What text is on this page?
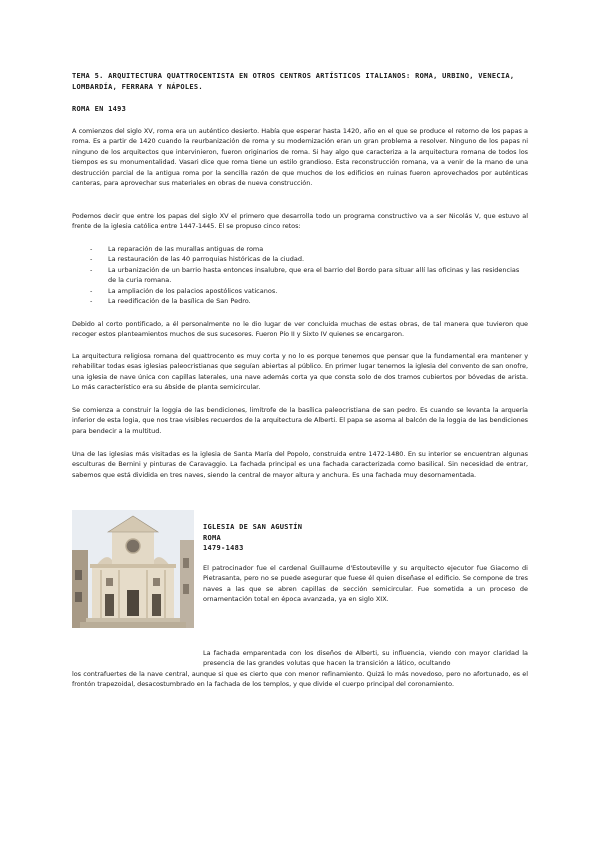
TEMA 5. ARQUITECTURA QUATTROCENTISTA EN OTROS CENTROS ARTÍSTICOS ITALIANOS: ROMA, URBINO, VENECIA, LOMBARDÍA, FERRARA Y NÁPOLES.
ROMA EN 1493
A comienzos del siglo XV, roma era un auténtico desierto. Había que esperar hasta 1420, año en el que se produce el retorno de los papas a roma. Es a partir de 1420 cuando la reurbanización de roma y su modernización eran un gran problema a resolver. Ninguno de los papas ni ninguno de los arquitectos que intervinieron, fueron originarios de roma. Si hay algo que caracteriza a la arquitectura romana de todos los tiempos es su monumentalidad. Vasari dice que roma tiene un estilo grandioso. Esta reconstrucción romana, va a venir de la mano de una destrucción parcial de la antigua roma por la sencilla razón de que muchos de los edificios en ruinas fueron aprovechados por auténticas canteras, para aprovechar sus materiales en obras de nueva construcción.
Podemos decir que entre los papas del siglo XV el primero que desarrolla todo un programa constructivo va a ser Nicolás V, que estuvo al frente de la iglesia católica entre 1447-1445. El se propuso cinco retos:
- La reparación de las murallas antiguas de roma
- La restauración de las 40 parroquias históricas de la ciudad.
- La urbanización de un barrio hasta entonces insalubre, que era el barrio del Bordo para situar allí las oficinas y las residencias de la curia romana.
- La ampliación de los palacios apostólicos vaticanos.
- La reedificación de la basílica de San Pedro.
Debido al corto pontificado, a él personalmente no le dio lugar de ver concluida muchas de estas obras, de tal manera que tuvieron que recoger estos planteamientos muchos de sus sucesores. Fueron Pío II y Sixto IV quienes se encargaron.
La arquitectura religiosa romana del quattrocento es muy corta y no lo es porque tenemos que pensar que la fundamental era mantener y rehabilitar todas esas iglesias paleocristianas que seguían abiertas al público. En primer lugar tenemos la iglesia del convento de san onofre, una iglesia de nave única con capillas laterales, una nave además corta ya que consta solo de dos tramos cubiertos por bóvedas de arista. Lo más característico era su ábside de planta semicircular.
Se comienza a construir la loggia de las bendiciones, limítrofe de la basílica paleocristiana de san pedro. Es cuando se levanta la arquería inferior de esta logia, que nos trae visibles recuerdos de la arquitectura de Alberti. El papa se asoma al balcón de la loggia de las bendiciones para bendecir a la multitud.
Una de las iglesias más visitadas es la iglesia de Santa María del Popolo, construida entre 1472-1480. En su interior se encuentran algunas esculturas de Bernini y pinturas de Caravaggio. La fachada principal es una fachada caracterizada como basilical. Sin necesidad de entrar, sabemos que está dividida en tres naves, siendo la central de mayor altura y anchura. Es una fachada muy desornamentada.
IGLESIA DE SAN AGUSTÍN
ROMA
1479-1483
El patrocinador fue el cardenal Guillaume d'Estouteville y su arquitecto ejecutor fue Giacomo di Pietrasanta, pero no se puede asegurar que fuese él quien diseñase el edificio. Se compone de tres naves a las que se abren capillas de sección semicircular. Fue sometida a un proceso de ornamentación total en época avanzada, ya en siglo XIX.
La fachada emparentada con los diseños de Alberti, su influencia, viendo con mayor claridad la presencia de las grandes volutas que hacen la transición a lático, ocultando
los contrafuertes de la nave central, aunque si que es cierto que con menor refinamiento. Quizá lo más novedoso, pero no afortunado, es el frontón trapezoidal, desacostumbrado en la fachada de los templos, y que divide el cuerpo principal del coronamiento.
